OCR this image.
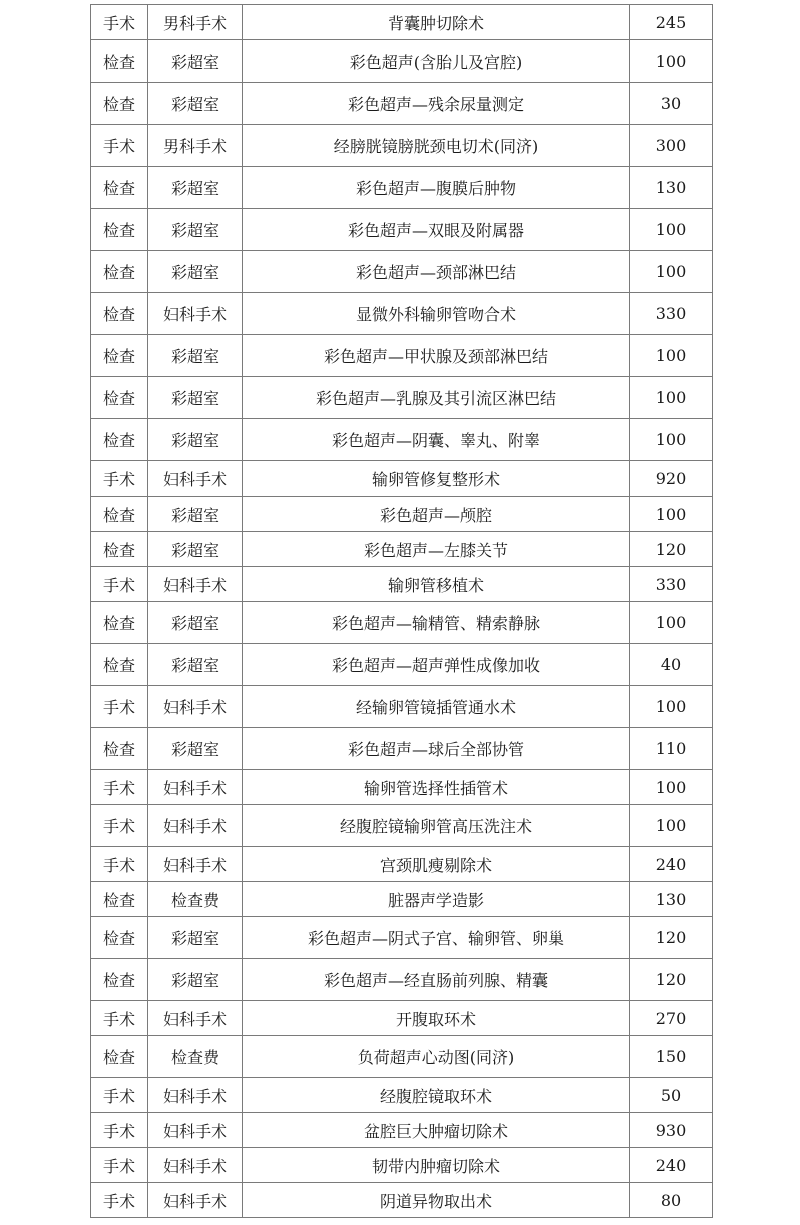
手术	男科手术	背囊肿切除术	245
检查	彩超室	彩色超声(含胎儿及宫腔)	100
检查	彩超室	彩色超声—残余尿量测定	30
手术	男科手术	经膀胱镜膀胱颈电切术(同济)	300
检查	彩超室	彩色超声—腹膜后肿物	130
检查	彩超室	彩色超声—双眼及附属器	100
检查	彩超室	彩色超声—颈部淋巴结	100
检查	妇科手术	显微外科输卵管吻合术	330
检查	彩超室	彩色超声—甲状腺及颈部淋巴结	100
检查	彩超室	彩色超声—乳腺及其引流区淋巴结	100
检查	彩超室	彩色超声—阴囊、睾丸、附睾	100
手术	妇科手术	输卵管修复整形术	920
检查	彩超室	彩色超声—颅腔	100
检查	彩超室	彩色超声—左膝关节	120
手术	妇科手术	输卵管移植术	330
检查	彩超室	彩色超声—输精管、精索静脉	100
检查	彩超室	彩色超声—超声弹性成像加收	40
手术	妇科手术	经输卵管镜插管通水术	100
检查	彩超室	彩色超声—球后全部协管	110
手术	妇科手术	输卵管选择性插管术	100
手术	妇科手术	经腹腔镜输卵管高压洗注术	100
手术	妇科手术	宫颈肌瘦剔除术	240
检查	检查费	脏器声学造影	130
检查	彩超室	彩色超声—阴式子宫、输卵管、卵巢	120
检查	彩超室	彩色超声—经直肠前列腺、精囊	120
手术	妇科手术	开腹取环术	270
检查	检查费	负荷超声心动图(同济)	150
手术	妇科手术	经腹腔镜取环术	50
手术	妇科手术	盆腔巨大肿瘤切除术	930
手术	妇科手术	韧带内肿瘤切除术	240
手术	妇科手术	阴道异物取出术	80
